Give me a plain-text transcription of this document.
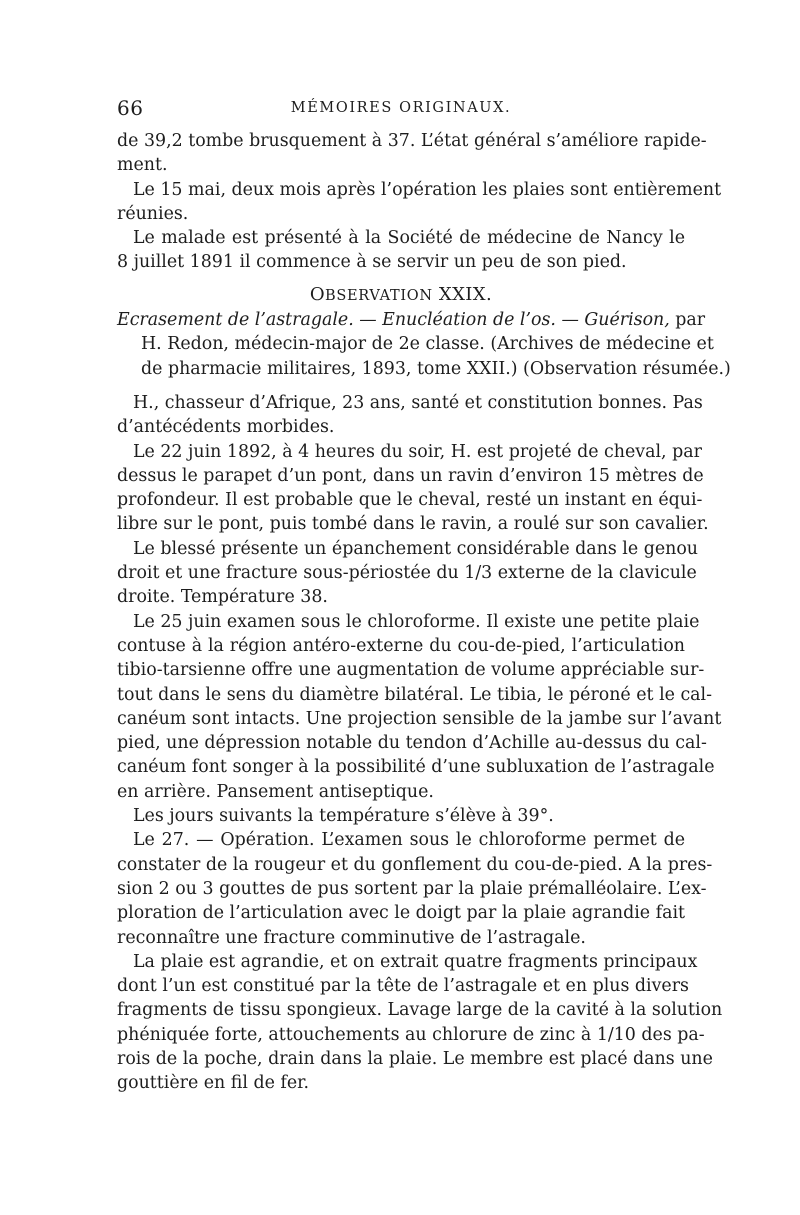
66	MÉMOIRES ORIGINAUX.
de 39,2 tombe brusquement à 37. L’état général s’améliore rapide-
ment.
Le 15 mai, deux mois après l’opération les plaies sont entièrement
réunies.
Le malade est présenté à la Société de médecine de Nancy le
8 juillet 1891 il commence à se servir un peu de son pied.
OBSERVATION XXIX.
Ecrasement de l’astragale. — Enucléation de l’os. — Guérison, par
H. Redon, médecin-major de 2e classe. (Archives de médecine et
de pharmacie militaires, 1893, tome XXII.) (Observation résumée.)
H., chasseur d’Afrique, 23 ans, santé et constitution bonnes. Pas
d’antécédents morbides.
Le 22 juin 1892, à 4 heures du soir, H. est projeté de cheval, par
dessus le parapet d’un pont, dans un ravin d’environ 15 mètres de
profondeur. Il est probable que le cheval, resté un instant en équi-
libre sur le pont, puis tombé dans le ravin, a roulé sur son cavalier.
Le blessé présente un épanchement considérable dans le genou
droit et une fracture sous-périostée du 1/3 externe de la clavicule
droite. Température 38.
Le 25 juin examen sous le chloroforme. Il existe une petite plaie
contuse à la région antéro-externe du cou-de-pied, l’articulation
tibio-tarsienne offre une augmentation de volume appréciable sur-
tout dans le sens du diamètre bilatéral. Le tibia, le péroné et le cal-
canéum sont intacts. Une projection sensible de la jambe sur l’avant
pied, une dépression notable du tendon d’Achille au-dessus du cal-
canéum font songer à la possibilité d’une subluxation de l’astragale
en arrière. Pansement antiseptique.
Les jours suivants la température s’élève à 39°.
Le 27. — Opération. L’examen sous le chloroforme permet de
constater de la rougeur et du gonflement du cou-de-pied. A la pres-
sion 2 ou 3 gouttes de pus sortent par la plaie prémalléolaire. L’ex-
ploration de l’articulation avec le doigt par la plaie agrandie fait
reconnaître une fracture comminutive de l’astragale.
La plaie est agrandie, et on extrait quatre fragments principaux
dont l’un est constitué par la tête de l’astragale et en plus divers
fragments de tissu spongieux. Lavage large de la cavité à la solution
phéniquée forte, attouchements au chlorure de zinc à 1/10 des pa-
rois de la poche, drain dans la plaie. Le membre est placé dans une
gouttière en fil de fer.
